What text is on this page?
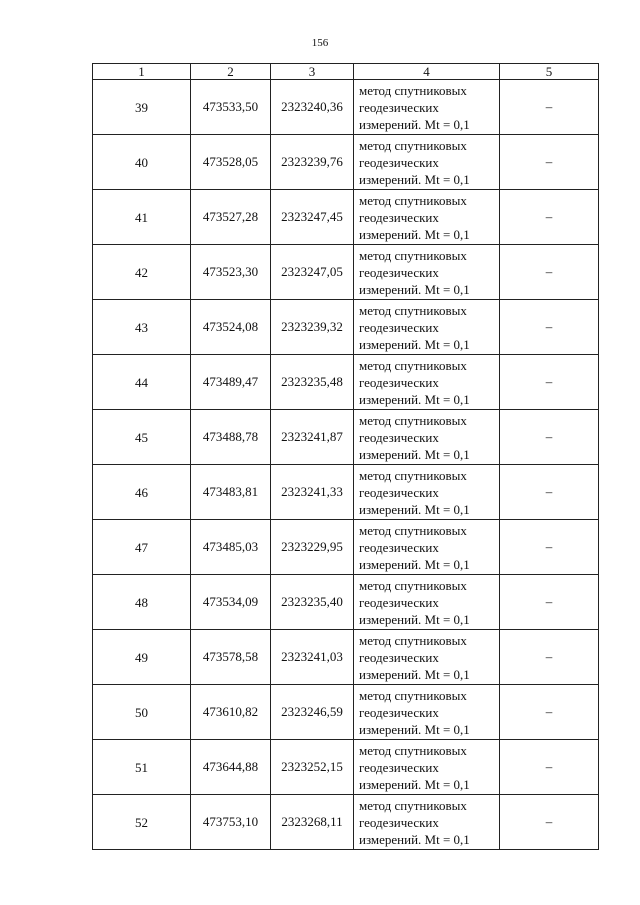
156
1	2	3	4	5
39	473533,50	2323240,36	метод спутниковых
геодезических
измерений. Mt = 0,1	–
40	473528,05	2323239,76	метод спутниковых
геодезических
измерений. Mt = 0,1	–
41	473527,28	2323247,45	метод спутниковых
геодезических
измерений. Mt = 0,1	–
42	473523,30	2323247,05	метод спутниковых
геодезических
измерений. Mt = 0,1	–
43	473524,08	2323239,32	метод спутниковых
геодезических
измерений. Mt = 0,1	–
44	473489,47	2323235,48	метод спутниковых
геодезических
измерений. Mt = 0,1	–
45	473488,78	2323241,87	метод спутниковых
геодезических
измерений. Mt = 0,1	–
46	473483,81	2323241,33	метод спутниковых
геодезических
измерений. Mt = 0,1	–
47	473485,03	2323229,95	метод спутниковых
геодезических
измерений. Mt = 0,1	–
48	473534,09	2323235,40	метод спутниковых
геодезических
измерений. Mt = 0,1	–
49	473578,58	2323241,03	метод спутниковых
геодезических
измерений. Mt = 0,1	–
50	473610,82	2323246,59	метод спутниковых
геодезических
измерений. Mt = 0,1	–
51	473644,88	2323252,15	метод спутниковых
геодезических
измерений. Mt = 0,1	–
52	473753,10	2323268,11	метод спутниковых
геодезических
измерений. Mt = 0,1	–
